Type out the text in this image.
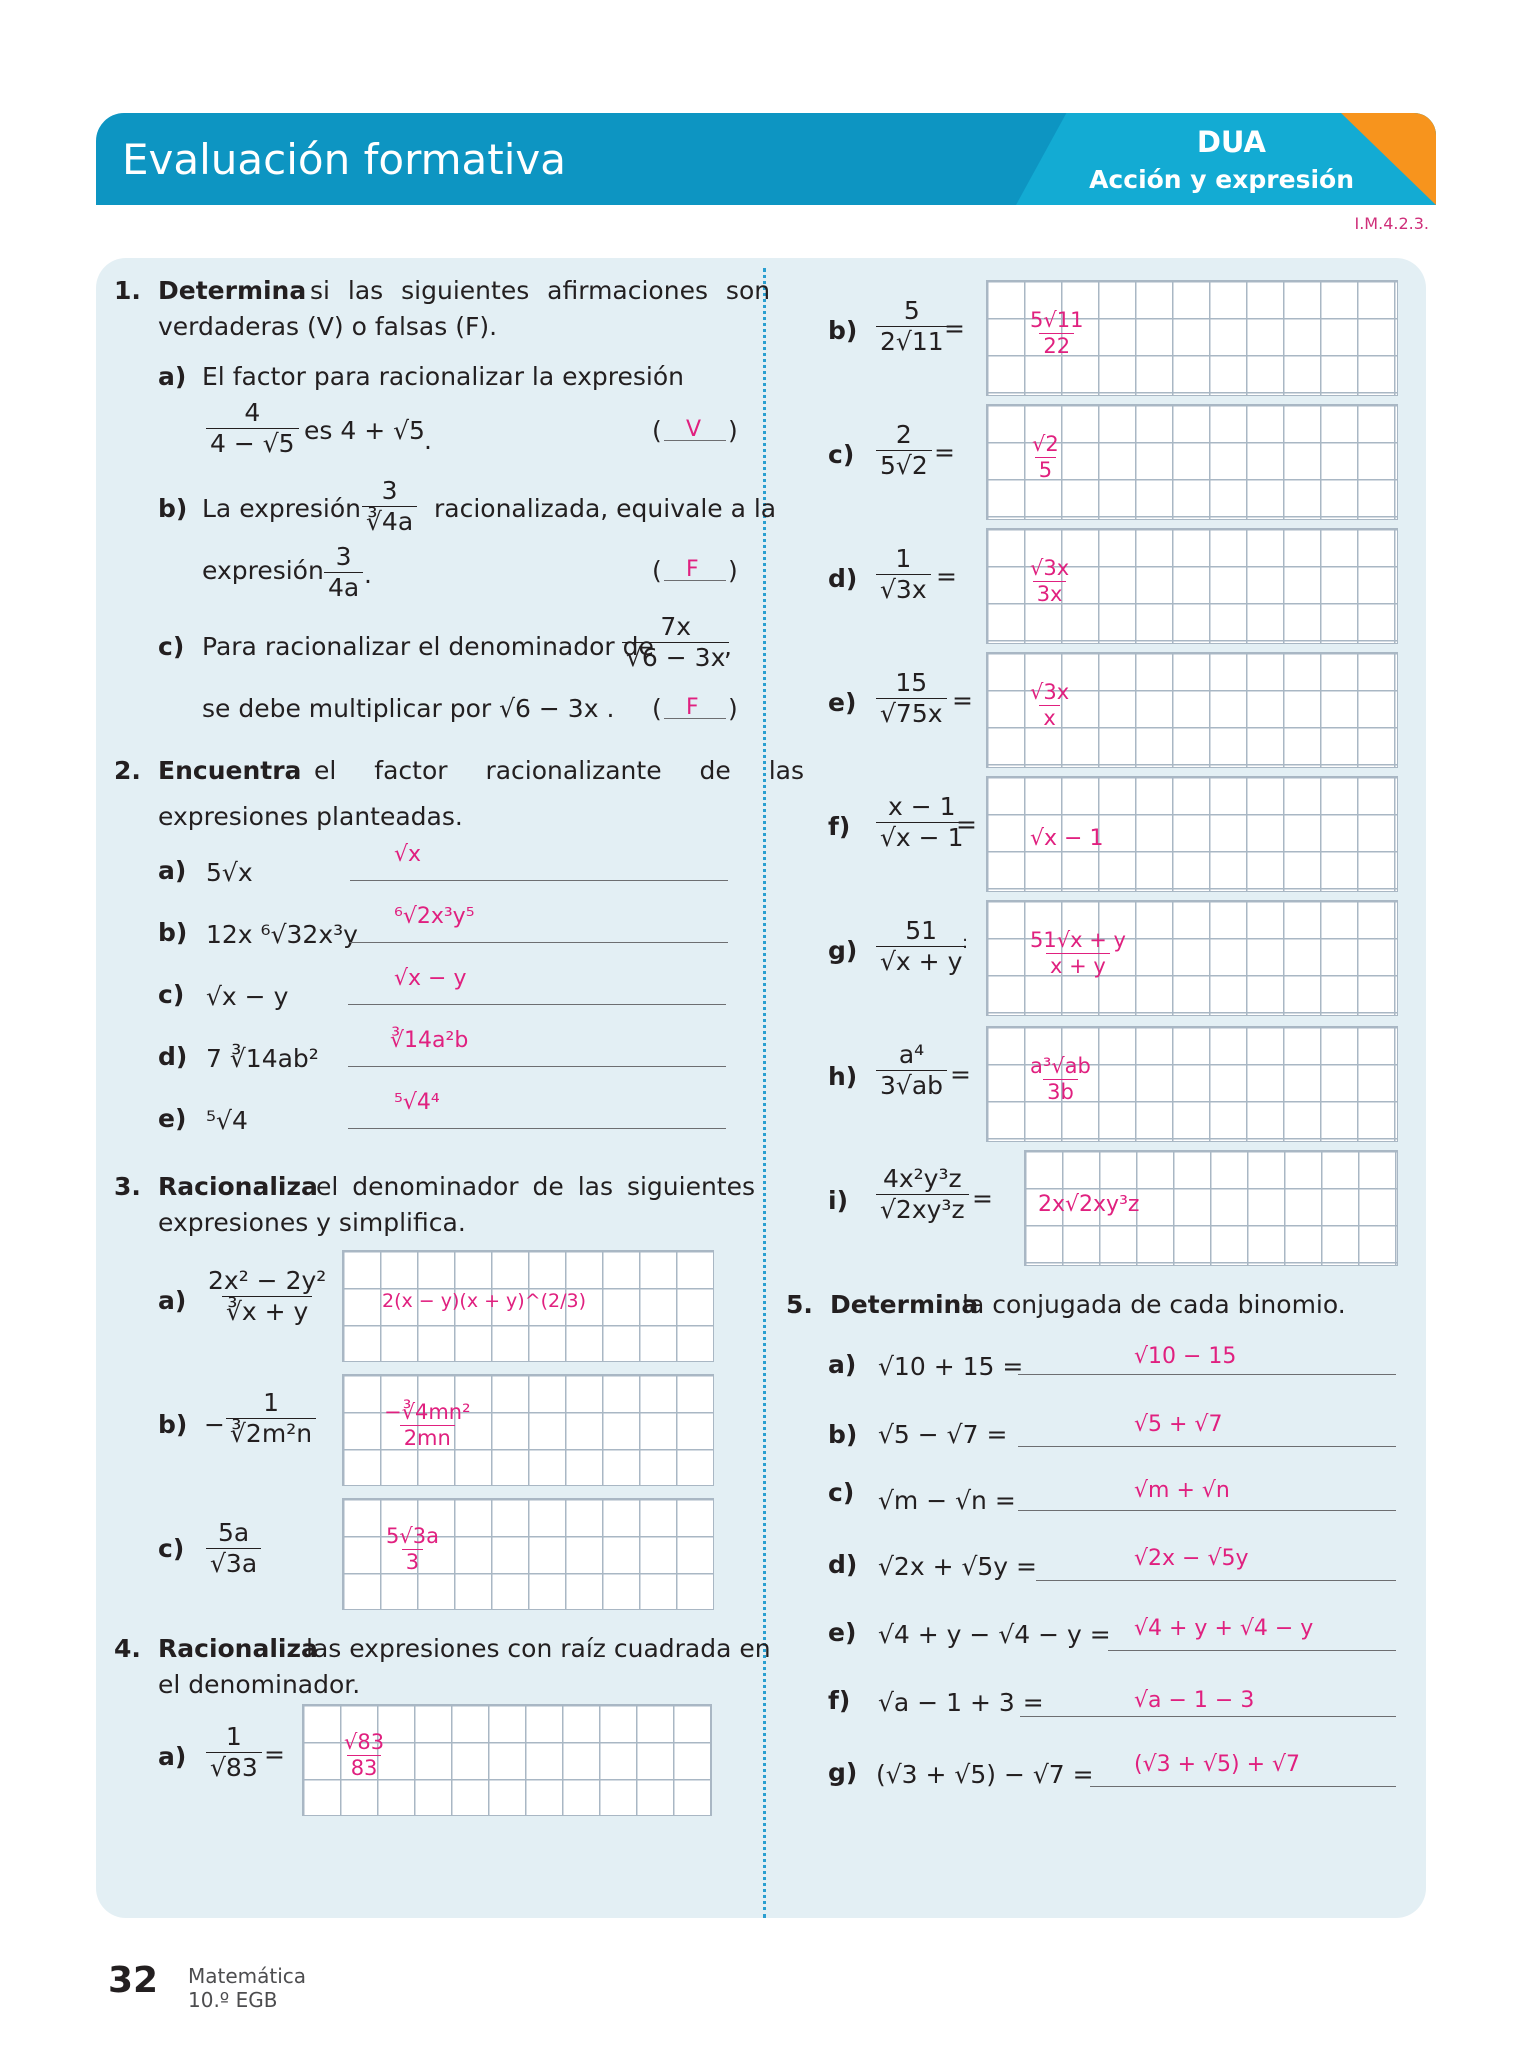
Evaluación formativa	DUA
Acción y expresión
I.M.4.2.3.
1. Determina si las siguientes afirmaciones son
verdaderas (V) o falsas (F).
a) El factor para racionalizar la expresión
$\frac{4}{4 - √5}$ es 4 + √5 .	( V )
b) La expresión $\frac{3}{∛4a}$ racionalizada, equivale a la
expresión $\frac{3}{4a}$ .	( F )
c) Para racionalizar el denominador de
$\frac{7x}{√6 - 3x}$
,
se debe multiplicar por √6 − 3x . ( F )
2. Encuentra el factor racionalizante de las
expresiones planteadas.
a) 5√x
√x
b) 12x ⁶√32x³y
⁶√2x³y⁵
c) √x − y
√x − y
d) 7 ∛14ab²
∛14a²b
e) ⁵√4
⁵√4⁴
3. Racionaliza
el denominador de las siguientes
expresiones y simplifica.
$a) \frac{\text{2x² − 2y²}}{∛x + y}$	2(x − y)(x + y)^(2/3)
$b) - \frac{1}{\text{∛2m²n}}$	$\frac{\text{−∛4mn²}}{2mn}$
$c) \frac{5a}{√3a}$	$\frac{5√3a}{3}$
4. Racionaliza
las expresiones con raíz cuadrada en
el denominador.
$a) \frac{1}{√83}$ =	$\frac{√83}{83}$
$b) \frac{5}{2√11}$
=	$\frac{5√11}{22}$
$c) \frac{2}{5√2}$ =	$\frac{√2}{5}$
$d) \frac{1}{√3x}$ =	$\frac{√3x}{3x}$
$e) \frac{15}{√75x}$ =	$\frac{√3x}{x}$
$f) \frac{x - 1}{√x - 1}$
= √x − 1
$g) \frac{51}{√x + y}$
:	$\frac{51√x + y}{x + y}$
$h) \frac{\text{a⁴}}{3√ab}$ =	$\frac{\text{a³√ab}}{3b}$
$i) \frac{\text{4x²y³z}}{\text{√2xy³z}} = 2x√2xy^3z$
5. Determina
la conjugada de cada binomio.
a) √10 + 15 =	√10 − 15
b) √5 − √7 =	√5 + √7
c) √m − √n =	√m + √n
d) √2x + √5y =	√2x − √5y
e) √4 + y − √4 − y = √4 + y + √4 − y
f) √a − 1 + 3 =	√a − 1 − 3
g) (√3 + √5) − √7 = (√3 + √5) + √7
32 Matemática
10.º EGB
